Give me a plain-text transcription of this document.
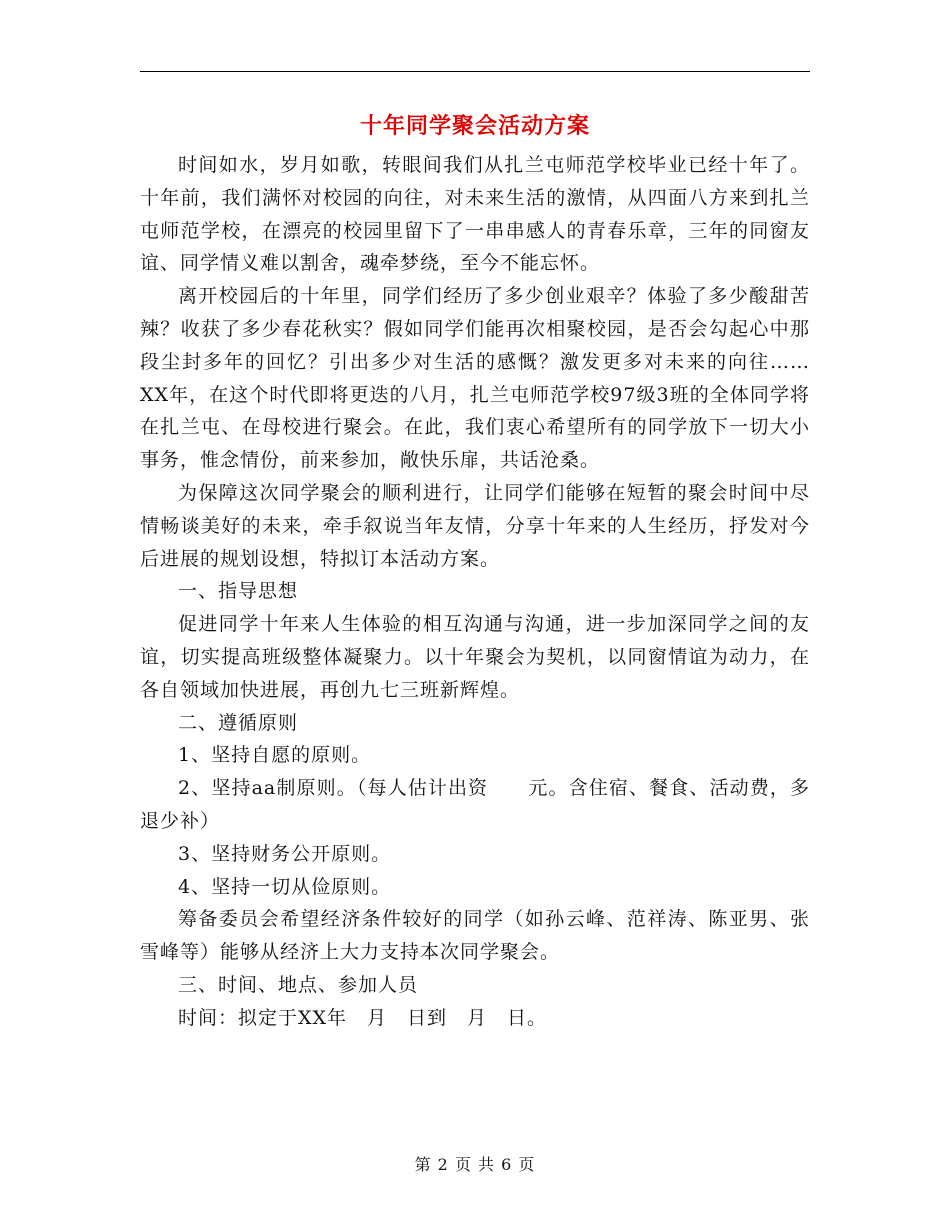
十年同学聚会活动方案

时间如水，岁月如歌，转眼间我们从扎兰屯师范学校毕业已经十年了。十年前，我们满怀对校园的向往，对未来生活的激情，从四面八方来到扎兰屯师范学校，在漂亮的校园里留下了一串串感人的青春乐章，三年的同窗友谊、同学情义难以割舍，魂牵梦绕，至今不能忘怀。

离开校园后的十年里，同学们经历了多少创业艰辛？体验了多少酸甜苦辣？收获了多少春花秋实？假如同学们能再次相聚校园，是否会勾起心中那段尘封多年的回忆？引出多少对生活的感慨？激发更多对未来的向往……　　XX年，在这个时代即将更迭的八月，扎兰屯师范学校97级3班的全体同学将在扎兰屯、在母校进行聚会。在此，我们衷心希望所有的同学放下一切大小事务，惟念情份，前来参加，敞快乐扉，共话沧桑。

为保障这次同学聚会的顺利进行，让同学们能够在短暂的聚会时间中尽情畅谈美好的未来，牵手叙说当年友情，分享十年来的人生经历，抒发对今后进展的规划设想，特拟订本活动方案。

一、指导思想

促进同学十年来人生体验的相互沟通与沟通，进一步加深同学之间的友谊，切实提高班级整体凝聚力。以十年聚会为契机，以同窗情谊为动力，在各自领域加快进展，再创九七三班新辉煌。

二、遵循原则

1、坚持自愿的原则。

2、坚持aa制原则。（每人估计出资　　元。含住宿、餐食、活动费，多退少补）

3、坚持财务公开原则。

4、坚持一切从俭原则。

筹备委员会希望经济条件较好的同学（如孙云峰、范祥涛、陈亚男、张雪峰等）能够从经济上大力支持本次同学聚会。

三、时间、地点、参加人员

时间：拟定于XX年　月　日到　月　日。

第 2 页 共 6 页
